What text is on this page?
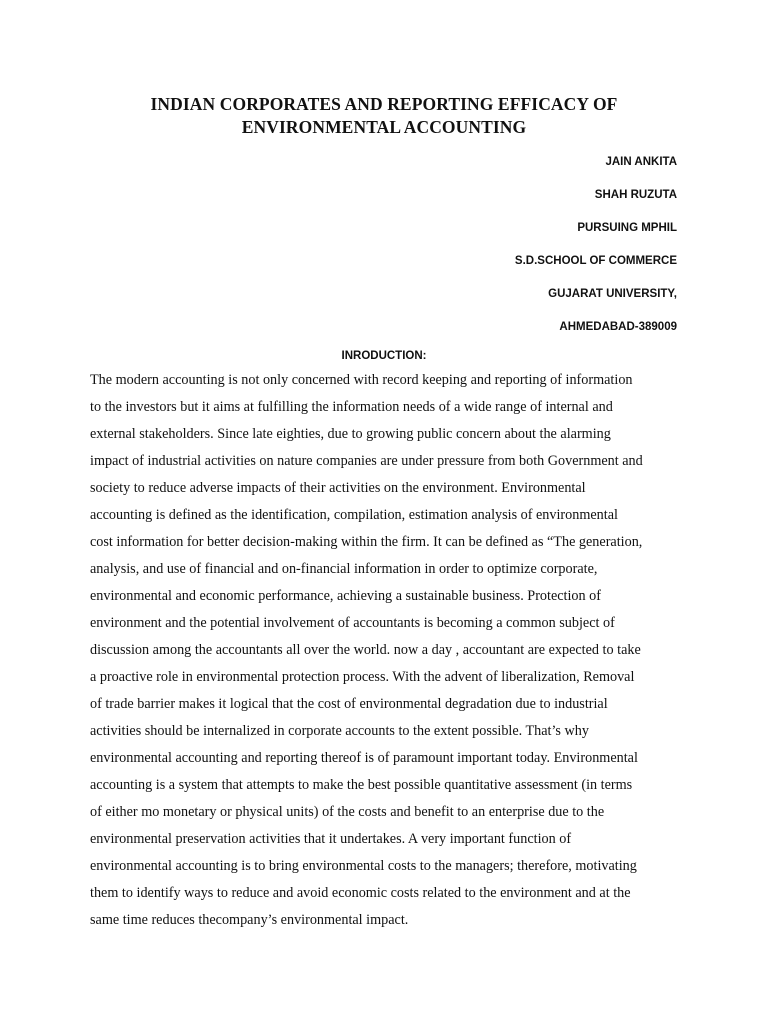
INDIAN CORPORATES AND REPORTING EFFICACY OF
ENVIRONMENTAL ACCOUNTING
JAIN ANKITA
SHAH RUZUTA
PURSUING MPHIL
S.D.SCHOOL OF COMMERCE
GUJARAT UNIVERSITY,
AHMEDABAD-389009
INRODUCTION:
The modern accounting is not only concerned with record keeping and reporting of information
to the investors but it aims at fulfilling the information needs of a wide range of internal and
external stakeholders. Since late eighties, due to growing public concern about the alarming
impact of industrial activities on nature companies are under pressure from both Government and
society to reduce adverse impacts of their activities on the environment. Environmental
accounting is defined as the identification, compilation, estimation analysis of environmental
cost information for better decision-making within the firm. It can be defined as “The generation,
analysis, and use of financial and on-financial information in order to optimize corporate,
environmental and economic performance, achieving a sustainable business. Protection of
environment and the potential involvement of accountants is becoming a common subject of
discussion among the accountants all over the world. now a day , accountant are expected to take
a proactive role in environmental protection process. With the advent of liberalization, Removal
of trade barrier makes it logical that the cost of environmental degradation due to industrial
activities should be internalized in corporate accounts to the extent possible. That’s why
environmental accounting and reporting thereof is of paramount important today. Environmental
accounting is a system that attempts to make the best possible quantitative assessment (in terms
of either mo monetary or physical units) of the costs and benefit to an enterprise due to the
environmental preservation activities that it undertakes. A very important function of
environmental accounting is to bring environmental costs to the managers; therefore, motivating
them to identify ways to reduce and avoid economic costs related to the environment and at the
same time reduces thecompany’s environmental impact.
